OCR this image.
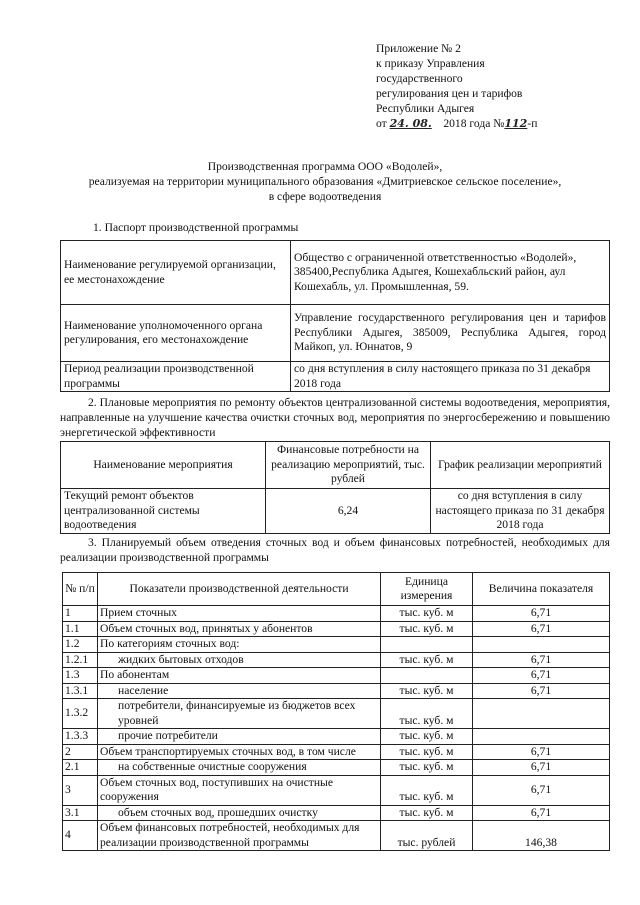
Приложение № 2
к приказу Управления
государственного
регулирования цен и тарифов
Республики Адыгея
от 24. 08. 2018 года №112-п
Производственная программа ООО «Водолей»,
реализуемая на территории муниципального образования «Дмитриевское сельское поселение»,
в сфере водоотведения
1. Паспорт производственной программы
Наименование регулируемой организации, ее местонахождение	Общество с ограниченной ответственностью «Водолей», 385400,Республика Адыгея, Кошехабльский район, аул Кошехабль, ул. Промышленная, 59.
Наименование уполномоченного органа регулирования, его местонахождение	Управление государственного регулирования цен и тарифов Республики Адыгея, 385009, Республика Адыгея, город Майкоп, ул. Юннатов, 9
Период реализации производственной программы	со дня вступления в силу настоящего приказа по 31 декабря 2018 года
2. Плановые мероприятия по ремонту объектов централизованной системы водоотведения, мероприятия, направленные на улучшение качества очистки сточных вод, мероприятия по энергосбережению и повышению энергетической эффективности
Наименование мероприятия	Финансовые потребности на реализацию мероприятий, тыс. рублей	График реализации мероприятий
Текущий ремонт объектов централизованной системы водоотведения	6,24	со дня вступления в силу настоящего приказа по 31 декабря 2018 года
3. Планируемый объем отведения сточных вод и объем финансовых потребностей, необходимых для реализации производственной программы
№ п/п	Показатели производственной деятельности	Единица измерения	Величина показателя
1	Прием сточных	тыс. куб. м	6,71
1.1	Объем сточных вод, принятых у абонентов	тыс. куб. м	6,71
1.2	По категориям сточных вод:		
1.2.1	жидких бытовых отходов	тыс. куб. м	6,71
1.3	По абонентам		6,71
1.3.1	население	тыс. куб. м	6,71
1.3.2	потребители, финансируемые из бюджетов всех уровней	тыс. куб. м	
1.3.3	прочие потребители	тыс. куб. м	
2	Объем транспортируемых сточных вод, в том числе	тыс. куб. м	6,71
2.1	на собственные очистные сооружения	тыс. куб. м	6,71
3	Объем сточных вод, поступивших на очистные сооружения	тыс. куб. м	6,71
3.1	объем сточных вод, прошедших очистку	тыс. куб. м	6,71
4	Объем финансовых потребностей, необходимых для реализации производственной программы	тыс. рублей	146,38
